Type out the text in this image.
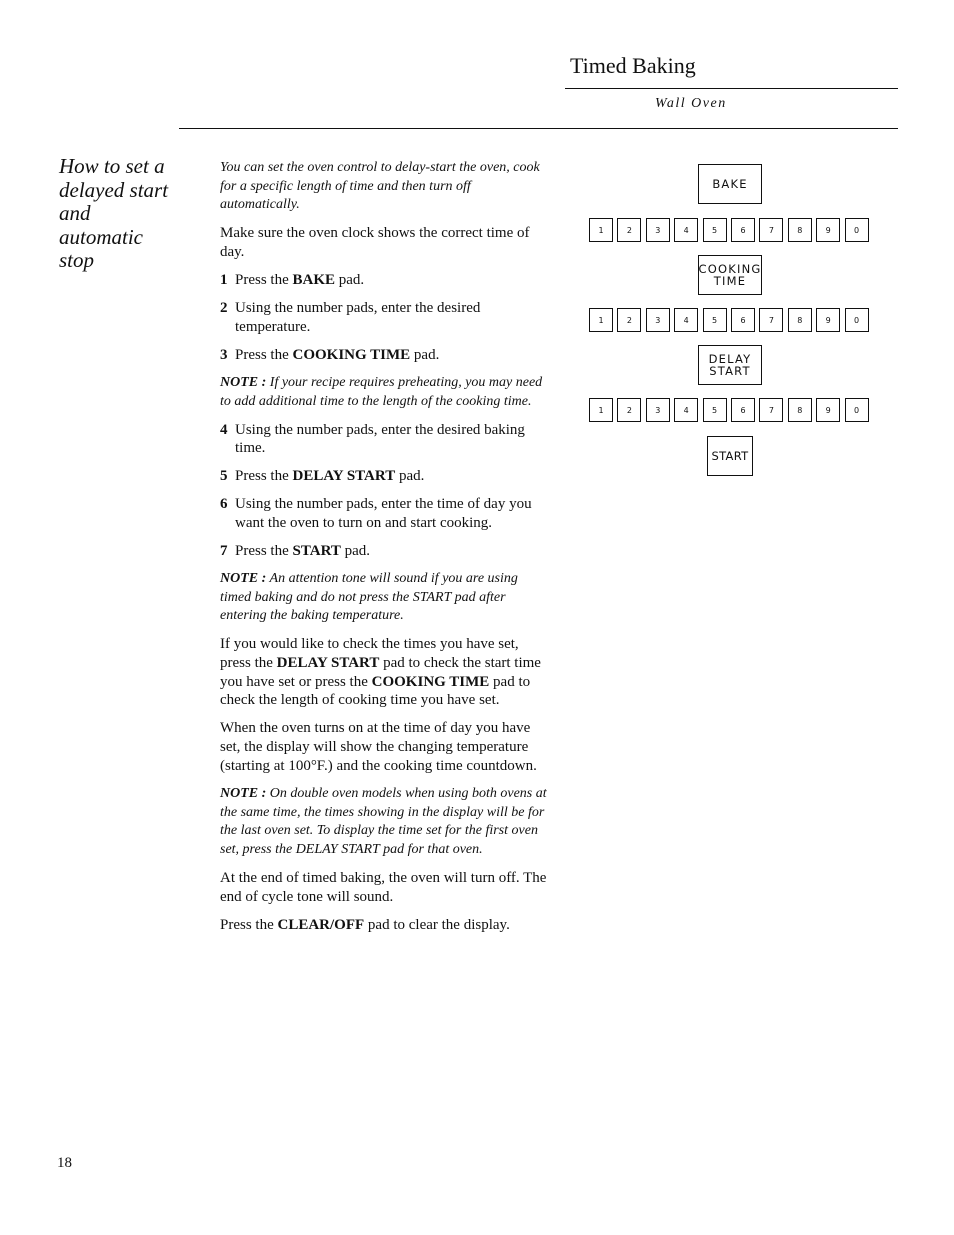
Timed Baking
Wall Oven
How to set a delayed start and automatic stop

You can set the oven control to delay-start the oven, cook for a specific length of time and then turn off automatically.

Make sure the oven clock shows the correct time of day.

1 Press the BAKE pad.
2 Using the number pads, enter the desired temperature.
3 Press the COOKING TIME pad.

NOTE : If your recipe requires preheating, you may need to add additional time to the length of the cooking time.

4 Using the number pads, enter the desired baking time.
5 Press the DELAY START pad.
6 Using the number pads, enter the time of day you want the oven to turn on and start cooking.
7 Press the START pad.

NOTE : An attention tone will sound if you are using timed baking and do not press the START pad after entering the baking temperature.

If you would like to check the times you have set, press the DELAY START pad to check the start time you have set or press the COOKING TIME pad to check the length of cooking time you have set.

When the oven turns on at the time of day you have set, the display will show the changing temperature (starting at 100°F.) and the cooking time countdown.

NOTE : On double oven models when using both ovens at the same time, the times showing in the display will be for the last oven set. To display the time set for the first oven set, press the DELAY START pad for that oven.

At the end of timed baking, the oven will turn off. The end of cycle tone will sound.

Press the CLEAR/OFF pad to clear the display.

BAKE
1	2	3	4	5	6	7	8	9	0
COOKING
TIME
1	2	3	4	5	6	7	8	9	0
DELAY
START
1	2	3	4	5	6	7	8	9	0
START
18
